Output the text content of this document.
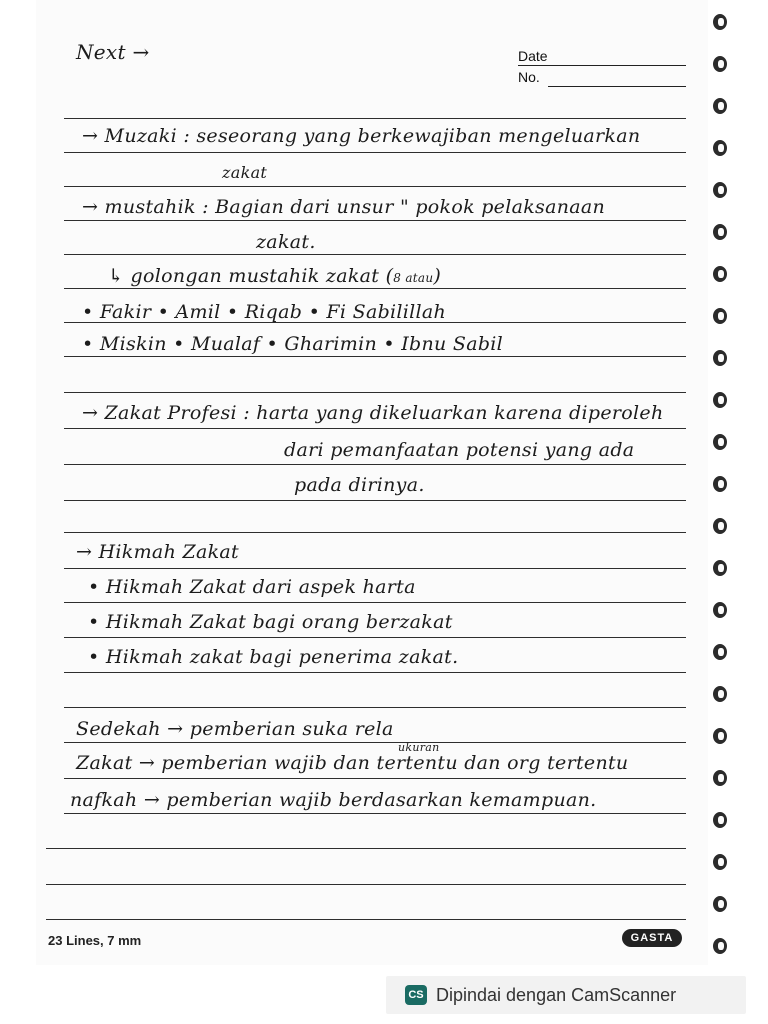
Next →	Date
No.
→ Muzaki : seseorang yang berkewajiban mengeluarkan
zakat
→ mustahik : Bagian dari unsur " pokok pelaksanaan
zakat.
↳ golongan mustahik zakat (8 atau)
• Fakir • Amil • Riqab • Fi Sabilillah
• Miskin • Mualaf • Gharimin • Ibnu Sabil
→ Zakat Profesi : harta yang dikeluarkan karena diperoleh
dari pemanfaatan potensi yang ada
pada dirinya.
→ Hikmah Zakat
• Hikmah Zakat dari aspek harta
• Hikmah Zakat bagi orang berzakat
• Hikmah zakat bagi penerima zakat.
Sedekah → pemberian suka rela
ukuran
Zakat → pemberian wajib dan tertentu dan org tertentu
nafkah → pemberian wajib berdasarkan kemampuan.
23 Lines, 7 mm	GASTA
CS Dipindai dengan CamScanner
